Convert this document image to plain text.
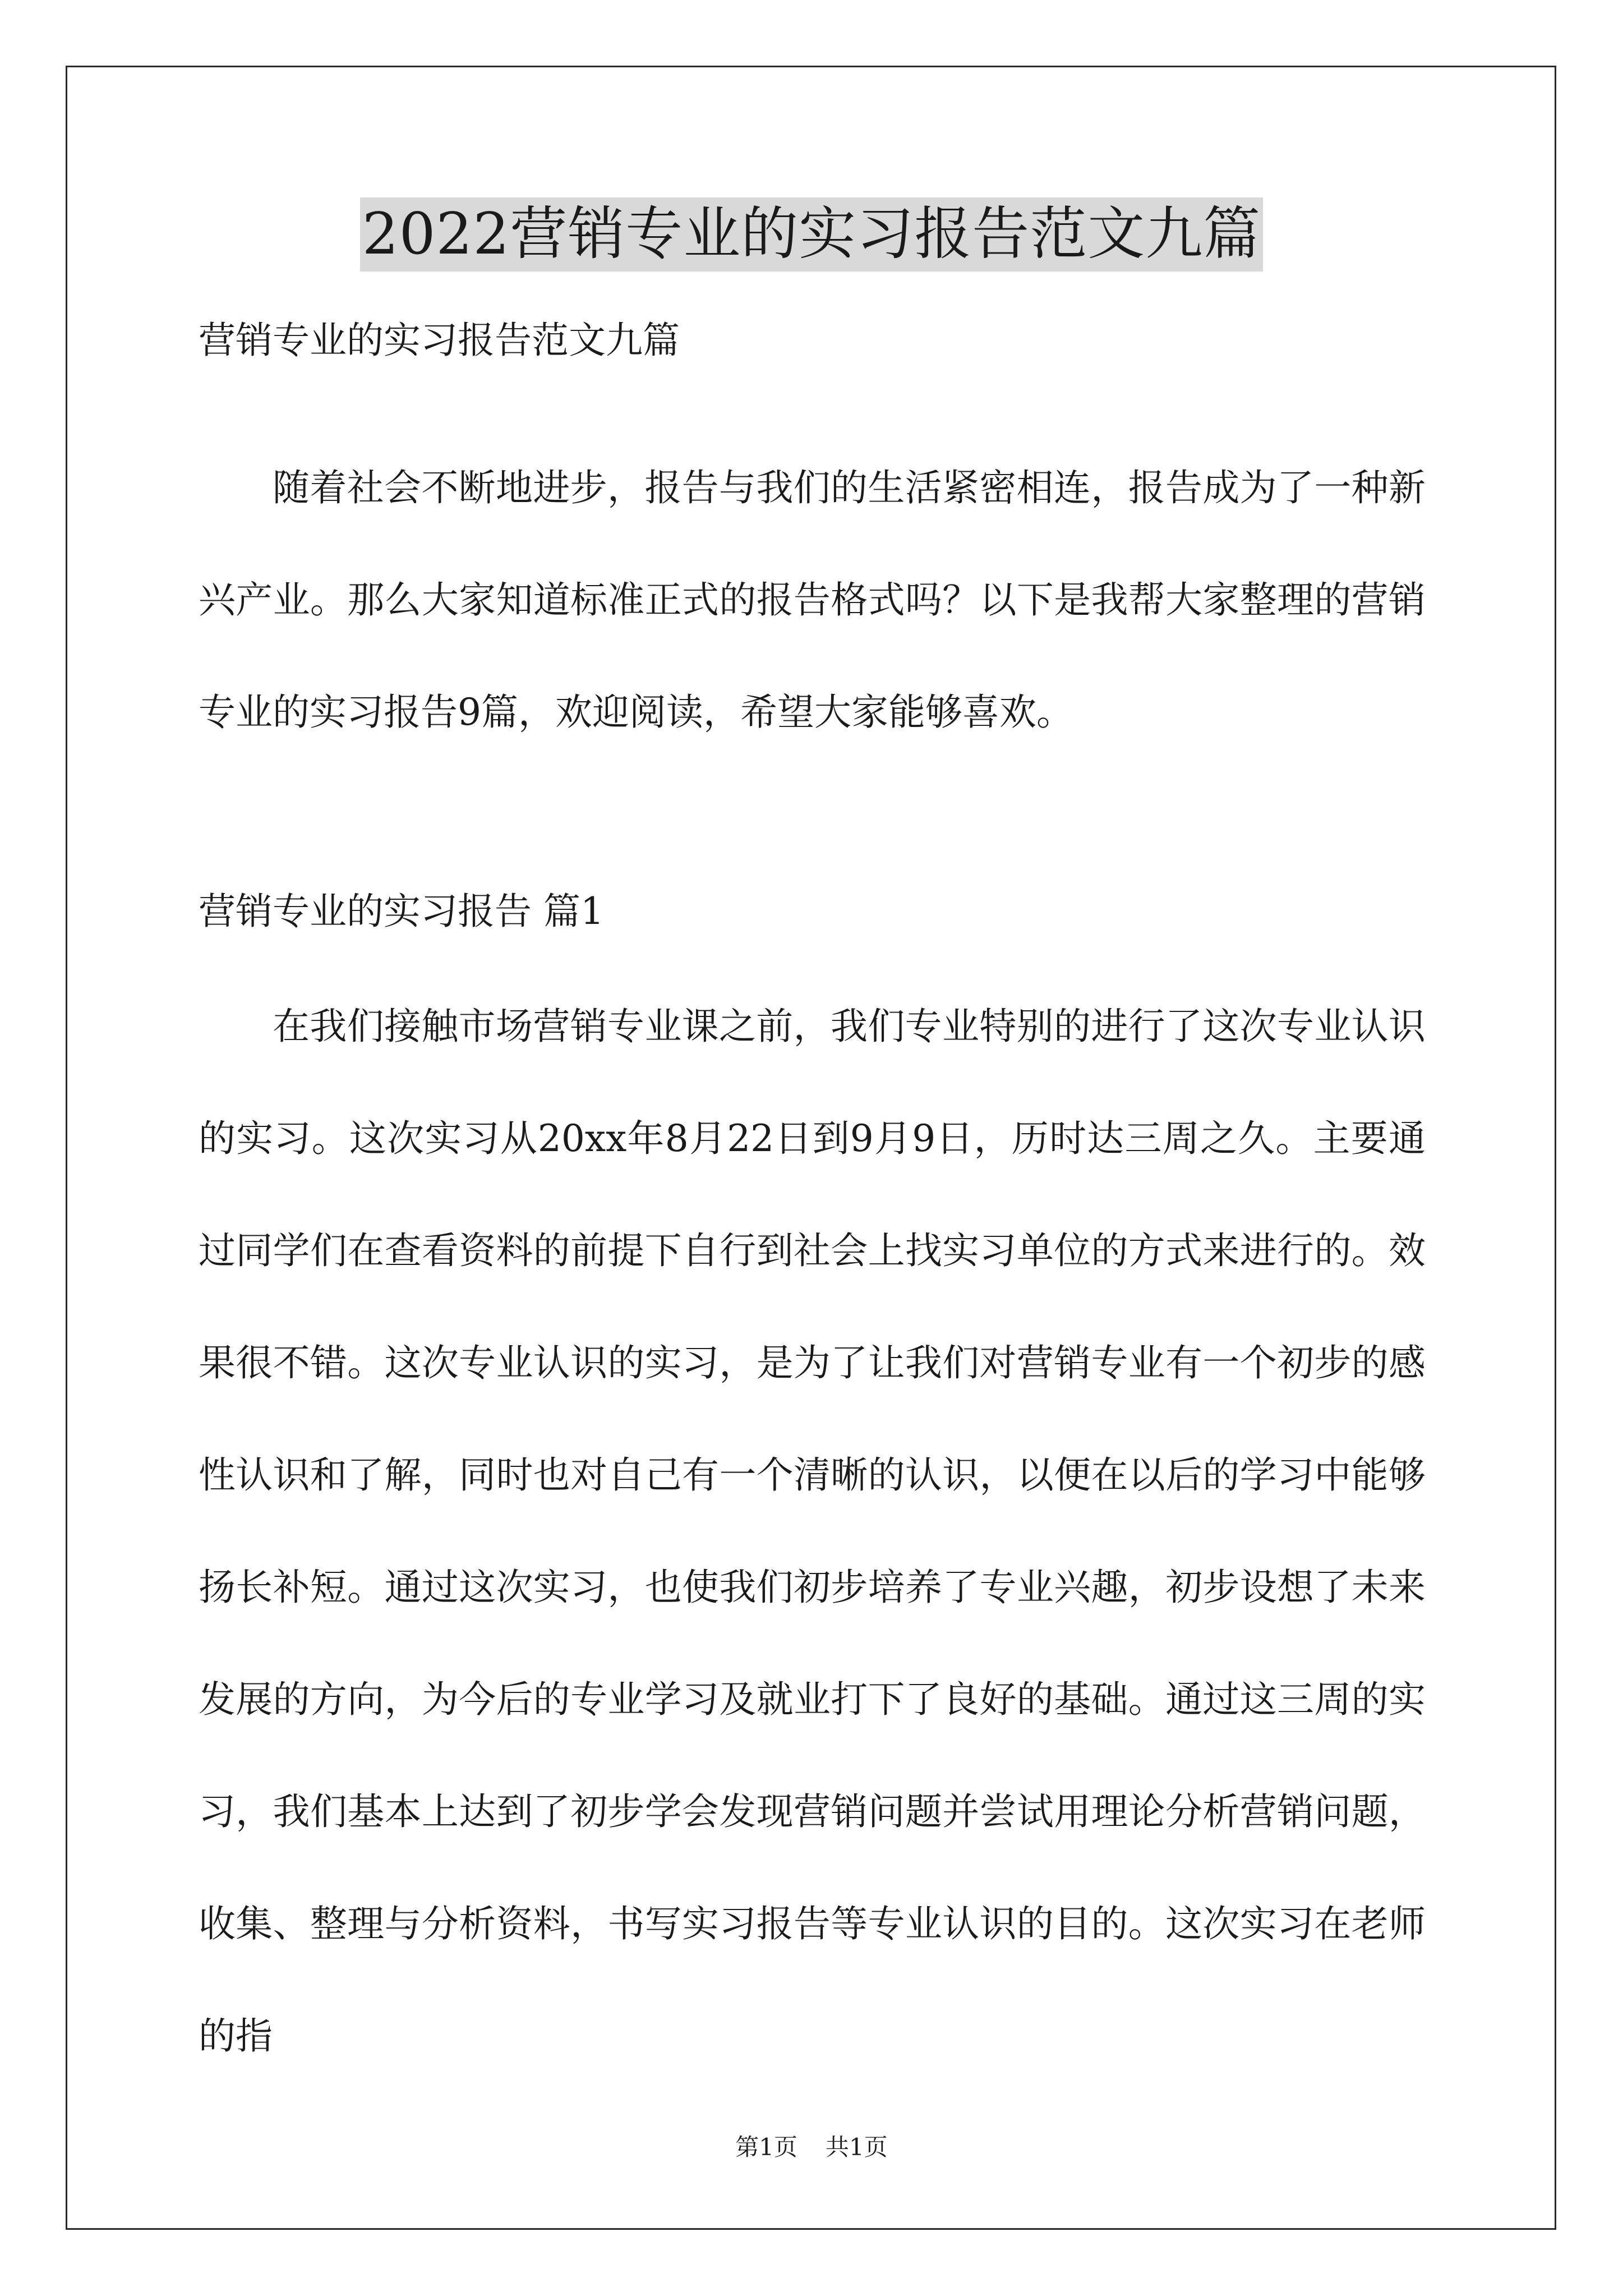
2022营销专业的实习报告范文九篇
营销专业的实习报告范文九篇

随着社会不断地进步，报告与我们的生活紧密相连，报告成为了一种新兴产业。那么大家知道标准正式的报告格式吗？以下是我帮大家整理的营销专业的实习报告9篇，欢迎阅读，希望大家能够喜欢。

营销专业的实习报告 篇1

在我们接触市场营销专业课之前，我们专业特别的进行了这次专业认识的实习。这次实习从20xx年8月22日到9月9日，历时达三周之久。主要通过同学们在查看资料的前提下自行到社会上找实习单位的方式来进行的。效果很不错。这次专业认识的实习，是为了让我们对营销专业有一个初步的感性认识和了解，同时也对自己有一个清晰的认识，以便在以后的学习中能够扬长补短。通过这次实习，也使我们初步培养了专业兴趣，初步设想了未来发展的方向，为今后的专业学习及就业打下了良好的基础。通过这三周的实习，我们基本上达到了初步学会发现营销问题并尝试用理论分析营销问题，收集、整理与分析资料，书写实习报告等专业认识的目的。这次实习在老师的指

第1页 共1页
